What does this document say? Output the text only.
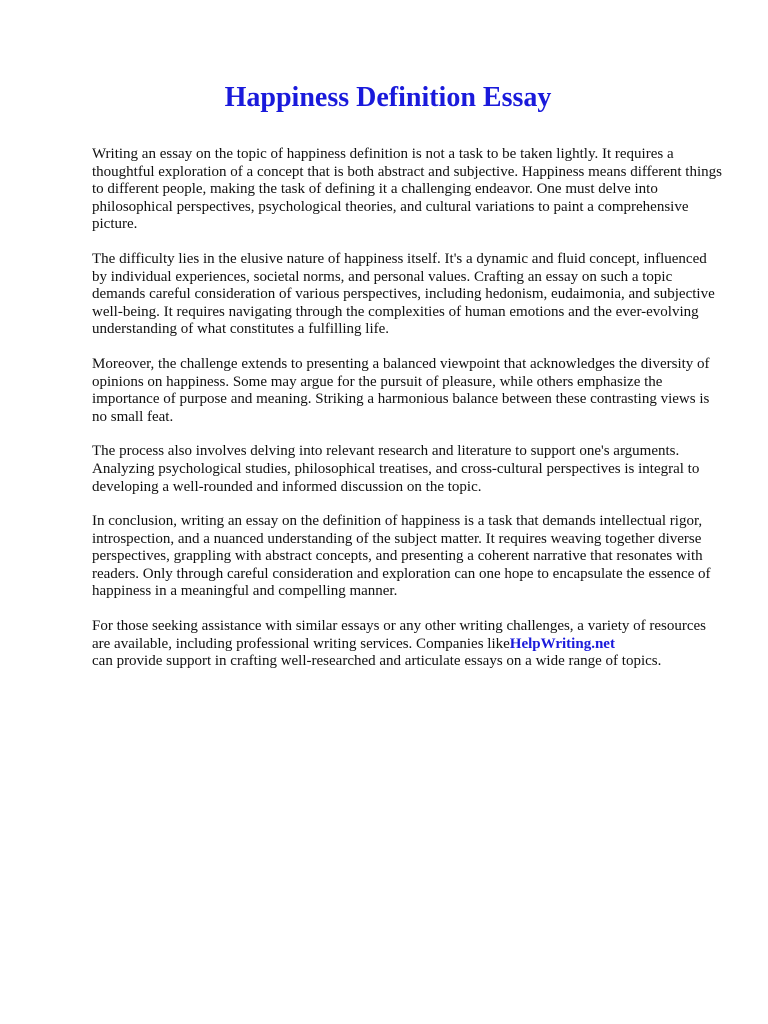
Happiness Definition Essay

Writing an essay on the topic of happiness definition is not a task to be taken lightly. It requires a thoughtful exploration of a concept that is both abstract and subjective. Happiness means different things to different people, making the task of defining it a challenging endeavor. One must delve into philosophical perspectives, psychological theories, and cultural variations to paint a comprehensive picture.

The difficulty lies in the elusive nature of happiness itself. It's a dynamic and fluid concept, influenced by individual experiences, societal norms, and personal values. Crafting an essay on such a topic demands careful consideration of various perspectives, including hedonism, eudaimonia, and subjective well-being. It requires navigating through the complexities of human emotions and the ever-evolving understanding of what constitutes a fulfilling life.

Moreover, the challenge extends to presenting a balanced viewpoint that acknowledges the diversity of opinions on happiness. Some may argue for the pursuit of pleasure, while others emphasize the importance of purpose and meaning. Striking a harmonious balance between these contrasting views is no small feat.

The process also involves delving into relevant research and literature to support one's arguments. Analyzing psychological studies, philosophical treatises, and cross-cultural perspectives is integral to developing a well-rounded and informed discussion on the topic.

In conclusion, writing an essay on the definition of happiness is a task that demands intellectual rigor, introspection, and a nuanced understanding of the subject matter. It requires weaving together diverse perspectives, grappling with abstract concepts, and presenting a coherent narrative that resonates with readers. Only through careful consideration and exploration can one hope to encapsulate the essence of happiness in a meaningful and compelling manner.

For those seeking assistance with similar essays or any other writing challenges, a variety of resources are available, including professional writing services. Companies likeHelpWriting.net
can provide support in crafting well-researched and articulate essays on a wide range of topics.
